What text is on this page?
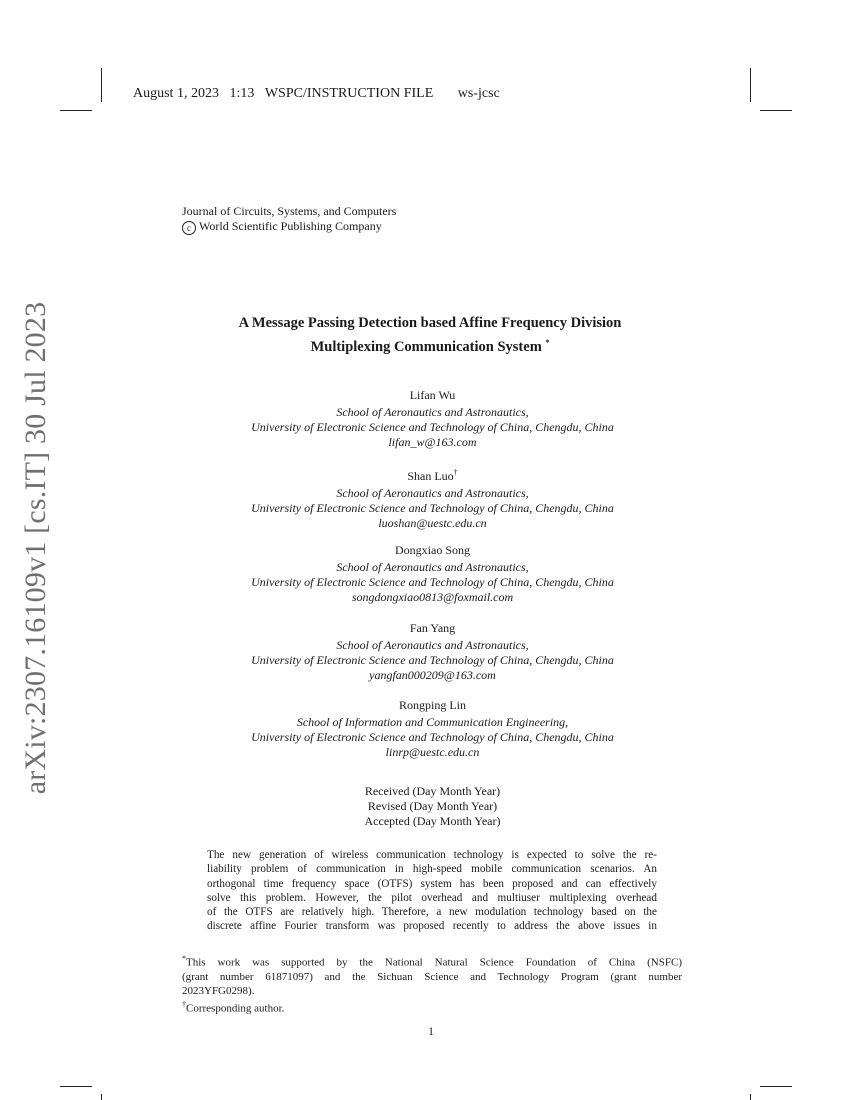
August 1, 2023 1:13 WSPC/INSTRUCTION FILE ws-jcsc
arXiv:2307.16109v1 [cs.IT] 30 Jul 2023
Journal of Circuits, Systems, and Computers
c World Scientific Publishing Company
A Message Passing Detection based Affine Frequency Division
Multiplexing Communication System *
Lifan Wu
School of Aeronautics and Astronautics,
University of Electronic Science and Technology of China, Chengdu, China
lifan_w@163.com
Shan Luo†
School of Aeronautics and Astronautics,
University of Electronic Science and Technology of China, Chengdu, China
luoshan@uestc.edu.cn
Dongxiao Song
School of Aeronautics and Astronautics,
University of Electronic Science and Technology of China, Chengdu, China
songdongxiao0813@foxmail.com
Fan Yang
School of Aeronautics and Astronautics,
University of Electronic Science and Technology of China, Chengdu, China
yangfan000209@163.com
Rongping Lin
School of Information and Communication Engineering,
University of Electronic Science and Technology of China, Chengdu, China
linrp@uestc.edu.cn
Received (Day Month Year)
Revised (Day Month Year)
Accepted (Day Month Year)
The new generation of wireless communication technology is expected to solve the re-
liability problem of communication in high-speed mobile communication scenarios. An
orthogonal time frequency space (OTFS) system has been proposed and can effectively
solve this problem. However, the pilot overhead and multiuser multiplexing overhead
of the OTFS are relatively high. Therefore, a new modulation technology based on the
discrete affine Fourier transform was proposed recently to address the above issues in
*This work was supported by the National Natural Science Foundation of China (NSFC)
(grant number 61871097) and the Sichuan Science and Technology Program (grant number
2023YFG0298).
†Corresponding author.
1
